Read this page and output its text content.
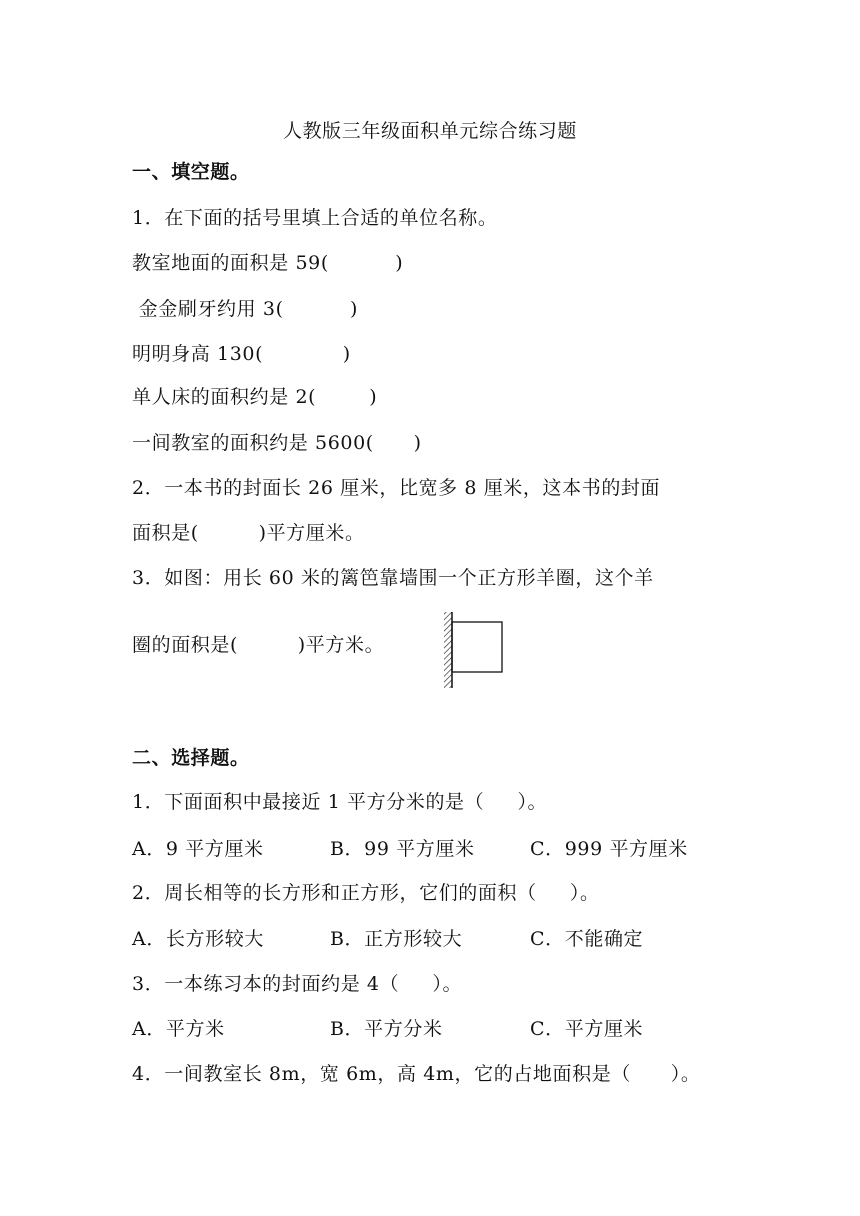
人教版三年级面积单元综合练习题
一、填空题。
1．在下面的括号里填上合适的单位名称。
教室地面的面积是 59(          )
金金刷牙约用 3(          )
明明身高 130(            )
单人床的面积约是 2(        )
一间教室的面积约是 5600(      )
2．一本书的封面长 26 厘米，比宽多 8 厘米，这本书的封面
面积是(         )平方厘米。
3．如图：用长 60 米的篱笆靠墙围一个正方形羊圈，这个羊
圈的面积是(         )平方米。
二、选择题。
1．下面面积中最接近 1 平方分米的是（     ）。
A．9 平方厘米	B．99 平方厘米	C．999 平方厘米
2．周长相等的长方形和正方形，它们的面积（     ）。
A．长方形较大	B．正方形较大	C．不能确定
3．一本练习本的封面约是 4（     ）。
A．平方米	B．平方分米	C．平方厘米
4．一间教室长 8m，宽 6m，高 4m，它的占地面积是（      ）。
